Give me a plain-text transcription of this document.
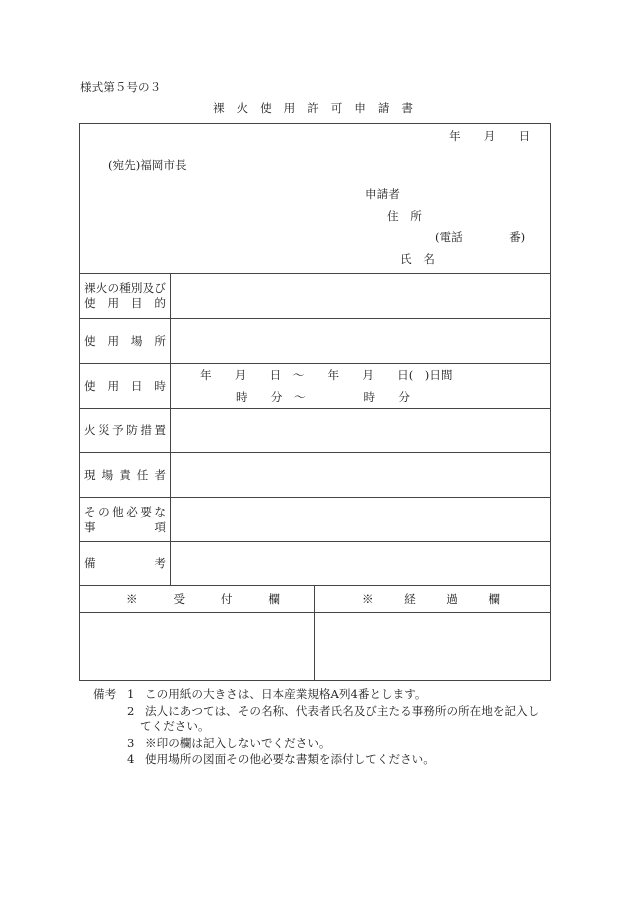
様式第５号の３
裸火使用許可申請書
年　　月　　日
(宛先)福岡市長
申請者
住　所
(電話　　　　番)
氏　名
裸火の種別及び
使用目的
使用場所
使用日時
年　　月　　日　～　　年　　月　　日(　)日間
時　　分　～　　　　　時　　分
火災予防措置
現場責任者
その他必要な
事項
備考
※受付欄	※経過欄
備考 1 この用紙の大きさは、日本産業規格A列4番とします。
2 法人にあつては、その名称、代表者氏名及び主たる事務所の所在地を記入し
てください。
3 ※印の欄は記入しないでください。
4 使用場所の図面その他必要な書類を添付してください。
